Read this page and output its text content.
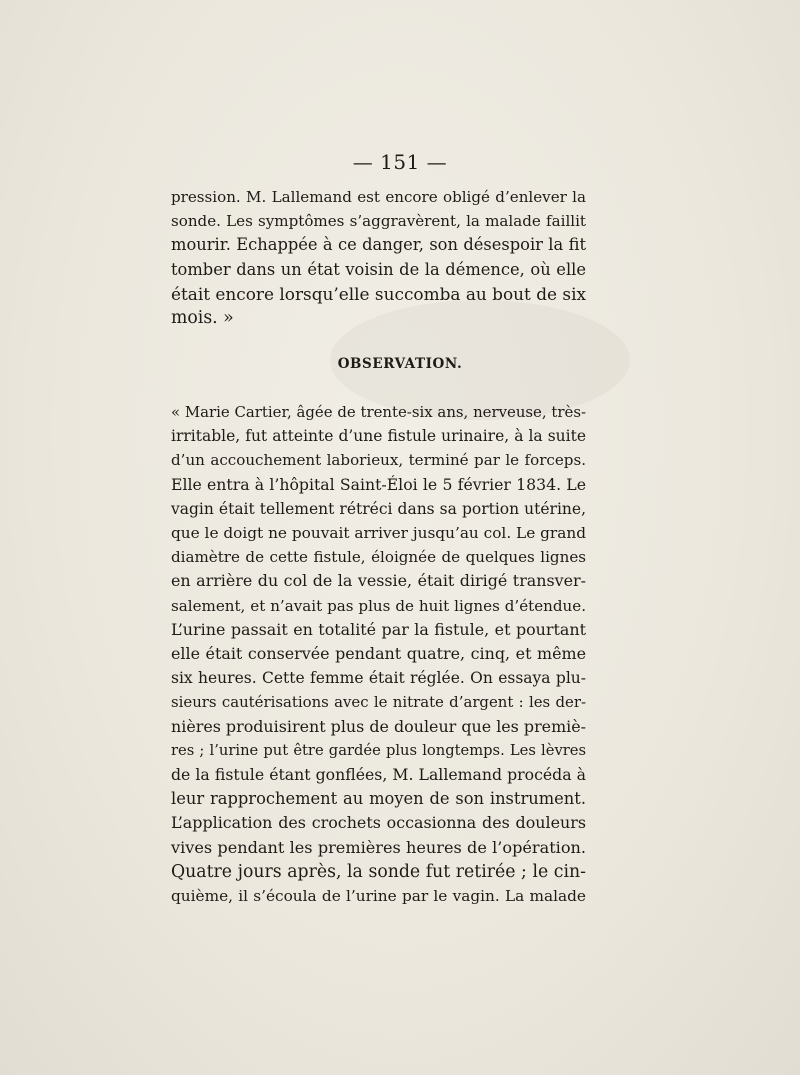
— 151 —
pression. M. Lallemand est encore obligé d’enlever la
sonde. Les symptômes s’aggravèrent, la malade faillit
mourir. Echappée à ce danger, son désespoir la fit
tomber dans un état voisin de la démence, où elle
était encore lorsqu’elle succomba au bout de six
mois. »
OBSERVATION.
« Marie Cartier, âgée de trente-six ans, nerveuse, très-
irritable, fut atteinte d’une fistule urinaire, à la suite
d’un accouchement laborieux, terminé par le forceps.
Elle entra à l’hôpital Saint-Éloi le 5 février 1834. Le
vagin était tellement rétréci dans sa portion utérine,
que le doigt ne pouvait arriver jusqu’au col. Le grand
diamètre de cette fistule, éloignée de quelques lignes
en arrière du col de la vessie, était dirigé transver-
salement, et n’avait pas plus de huit lignes d’étendue.
L’urine passait en totalité par la fistule, et pourtant
elle était conservée pendant quatre, cinq, et même
six heures. Cette femme était réglée. On essaya plu-
sieurs cautérisations avec le nitrate d’argent : les der-
nières produisirent plus de douleur que les premiè-
res ; l’urine put être gardée plus longtemps. Les lèvres
de la fistule étant gonflées, M. Lallemand procéda à
leur rapprochement au moyen de son instrument.
L’application des crochets occasionna des douleurs
vives pendant les premières heures de l’opération.
Quatre jours après, la sonde fut retirée ; le cin-
quième, il s’écoula de l’urine par le vagin. La malade
